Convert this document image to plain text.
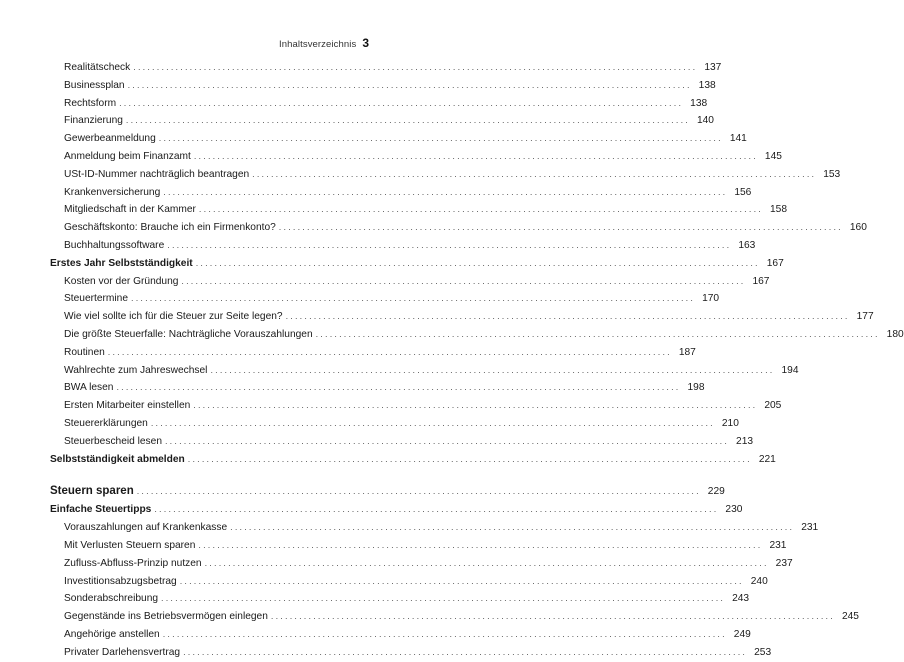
Inhaltsverzeichnis 3
Realitätscheck ........................................................................................................................ 137
Businessplan ........................................................................................................................ 138
Rechtsform ........................................................................................................................ 138
Finanzierung ........................................................................................................................ 140
Gewerbeanmeldung ........................................................................................................................ 141
Anmeldung beim Finanzamt ........................................................................................................................ 145
USt-ID-Nummer nachträglich beantragen ........................................................................................................................ 153
Krankenversicherung ........................................................................................................................ 156
Mitgliedschaft in der Kammer ........................................................................................................................ 158
Geschäftskonto: Brauche ich ein Firmenkonto? ........................................................................................................................ 160
Buchhaltungssoftware ........................................................................................................................ 163
Erstes Jahr Selbstständigkeit ........................................................................................................................ 167
Kosten vor der Gründung ........................................................................................................................ 167
Steuertermine ........................................................................................................................ 170
Wie viel sollte ich für die Steuer zur Seite legen? ........................................................................................................................ 177
Die größte Steuerfalle: Nachträgliche Vorauszahlungen ........................................................................................................................ 180
Routinen ........................................................................................................................ 187
Wahlrechte zum Jahreswechsel ........................................................................................................................ 194
BWA lesen ........................................................................................................................ 198
Ersten Mitarbeiter einstellen ........................................................................................................................ 205
Steuererklärungen ........................................................................................................................ 210
Steuerbescheid lesen ........................................................................................................................ 213
Selbstständigkeit abmelden ........................................................................................................................ 221
Steuern sparen ........................................................................................................................ 229
Einfache Steuertipps ........................................................................................................................ 230
Vorauszahlungen auf Krankenkasse ........................................................................................................................ 231
Mit Verlusten Steuern sparen ........................................................................................................................ 231
Zufluss-Abfluss-Prinzip nutzen ........................................................................................................................ 237
Investitionsabzugsbetrag ........................................................................................................................ 240
Sonderabschreibung ........................................................................................................................ 243
Gegenstände ins Betriebsvermögen einlegen ........................................................................................................................ 245
Angehörige anstellen ........................................................................................................................ 249
Privater Darlehensvertrag ........................................................................................................................ 253
